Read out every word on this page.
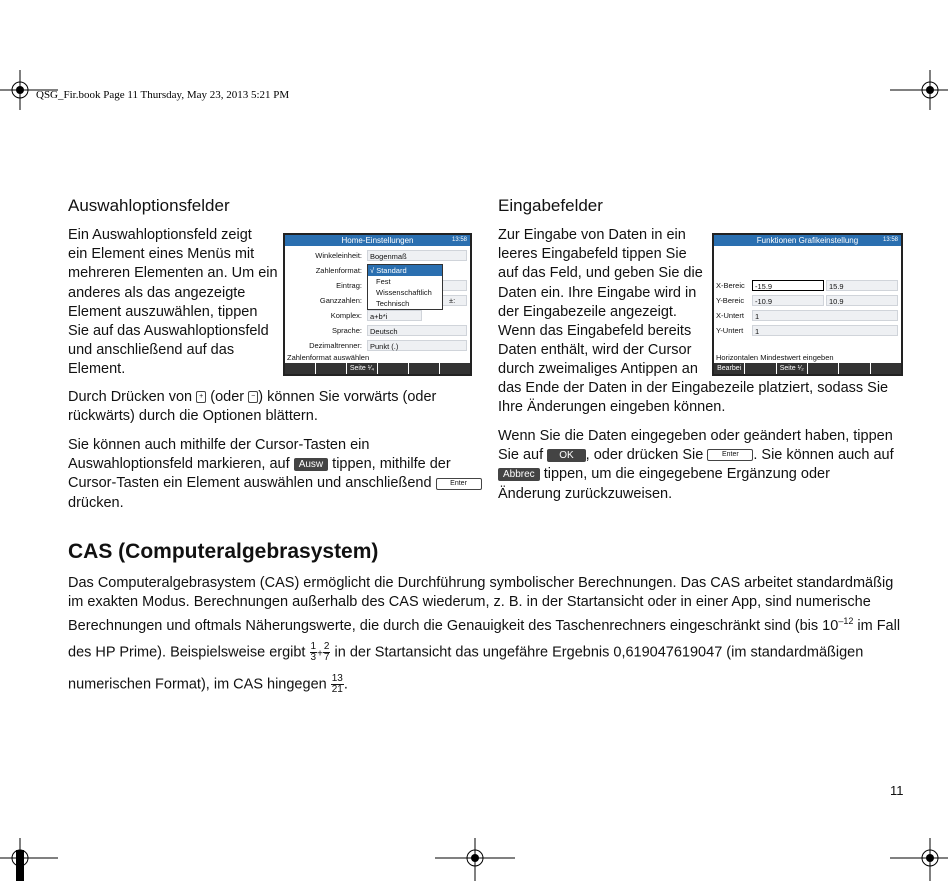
QSG_Fir.book Page 11 Thursday, May 23, 2013 5:21 PM
Auswahloptionsfelder
Ein Auswahloptionsfeld zeigt
ein Element eines Menüs mit
mehreren Elementen an. Um ein
anderes als das angezeigte
Element auszuwählen, tippen
Sie auf das Auswahloptionsfeld
und anschließend auf das
Element.
Home-Einstellungen	13:58
Winkeleinheit:	Bogenmaß
Zahlenformat:
Eintrag:
Ganzzahlen:	±:
Komplex:	a+b*i
Sprache:	Deutsch
Dezimaltrenner:	Punkt (.)
√ Standard
Fest
Wissenschaftlich
Technisch
Zahlenformat auswählen
Seite ¹⁄₄
Durch Drücken von + (oder − ) können Sie vorwärts (oder
rückwärts) durch die Optionen blättern.
Sie können auch mithilfe der Cursor-Tasten ein
Auswahloptionsfeld markieren, auf Ausw tippen, mithilfe der
Cursor-Tasten ein Element auswählen und anschließend	Enter
drücken.
Eingabefelder
Zur Eingabe von Daten in ein
leeres Eingabefeld tippen Sie
auf das Feld, und geben Sie die
Daten ein. Ihre Eingabe wird in
der Eingabezeile angezeigt.
Wenn das Eingabefeld bereits
Daten enthält, wird der Cursor
durch zweimaliges Antippen an
das Ende der Daten in der Eingabezeile platziert, sodass Sie
Ihre Änderungen eingeben können.
Funktionen Grafikeinstellung	13:58
X-Bereic	-15.9	15.9
Y-Bereic	-10.9	10.9
X-Untert	1
Y-Untert	1
Horizontalen Mindestwert eingeben
Bearbei	Seite ¹⁄₂
Wenn Sie die Daten eingegeben oder geändert haben, tippen
Sie auf OK , oder drücken Sie	Enter . Sie können auch auf
Abbrec tippen, um die eingegebene Ergänzung oder
Änderung zurückzuweisen.
CAS (Computeralgebrasystem)
Das Computeralgebrasystem (CAS) ermöglicht die Durchführung symbolischer Berechnungen. Das CAS arbeitet standardmäßig
im exakten Modus. Berechnungen außerhalb des CAS wiederum, z. B. in der Startansicht oder in einer App, sind numerische
Berechnungen und oftmals Näherungswerte, die durch die Genauigkeit des Taschenrechners eingeschränkt sind (bis $10^{-12}$ im Fall
des HP Prime). Beispielsweise ergibt $\frac{1}{3} + \frac{2}{7}$ in der Startansicht das ungefähre Ergebnis 0,619047619047 (im standardmäßigen
numerischen Format), im CAS hingegen $\frac{13}{21}$ .
11
